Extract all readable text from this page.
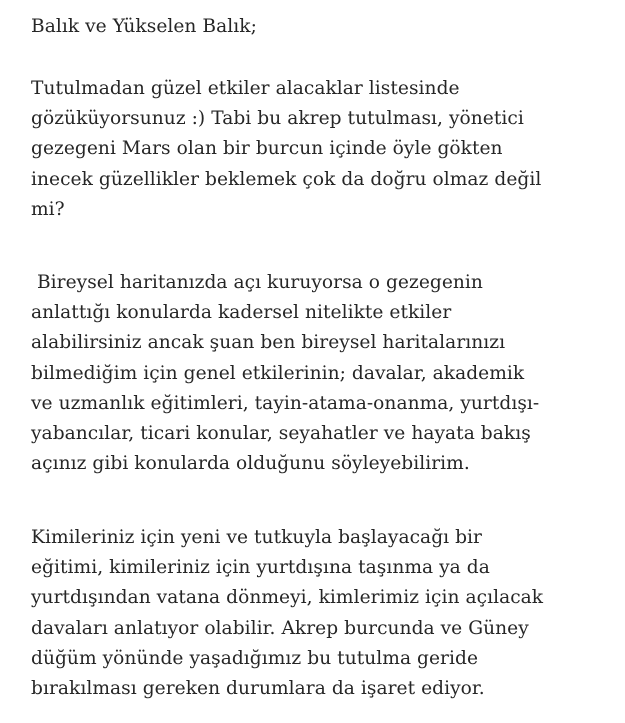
Balık ve Yükselen Balık;
Tutulmadan güzel etkiler alacaklar listesinde
gözüküyorsunuz :) Tabi bu akrep tutulması, yönetici
gezegeni Mars olan bir burcun içinde öyle gökten
inecek güzellikler beklemek çok da doğru olmaz değil
mi?
Bireysel haritanızda açı kuruyorsa o gezegenin
anlattığı konularda kadersel nitelikte etkiler
alabilirsiniz ancak şuan ben bireysel haritalarınızı
bilmediğim için genel etkilerinin; davalar, akademik
ve uzmanlık eğitimleri, tayin-atama-onanma, yurtdışı-
yabancılar, ticari konular, seyahatler ve hayata bakış
açınız gibi konularda olduğunu söyleyebilirim.
Kimileriniz için yeni ve tutkuyla başlayacağı bir
eğitimi, kimileriniz için yurtdışına taşınma ya da
yurtdışından vatana dönmeyi, kimlerimiz için açılacak
davaları anlatıyor olabilir. Akrep burcunda ve Güney
düğüm yönünde yaşadığımız bu tutulma geride
bırakılması gereken durumlara da işaret ediyor.
